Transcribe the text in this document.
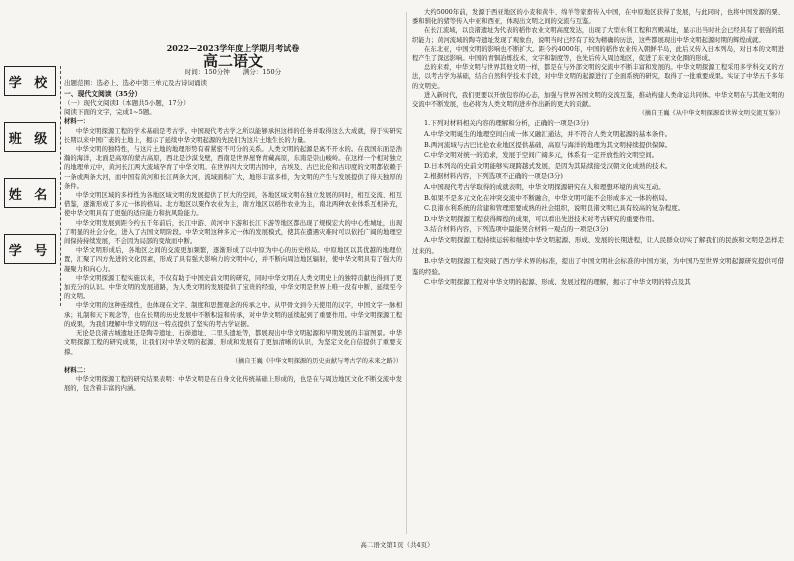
学 校
班 级
姓 名
学 号
2022—2023学年度上学期月考试卷
高二语文
时间：150分钟　　满分：150分
出题范围：选必上、选必中第三单元及古诗词诵读
一、现代文阅读（35分）
（一）现代文阅读Ⅰ（本题共5小题，17分）
阅读下面的文字，完成1~5题。
材料一：

中华文明探源工程的学术基础是考古学。中国现代考古学之所以能够承担这样的任务并取得这么大成就，得于实研究长期以来中国广袤的土地上，揭示了延续中华文明起源的先民们为这片土地生长的力量。

中华文明的独特性，与这片土地的地理形势有着紧密不可分的关系。人类文明的起源是离不开水的。在我国东面是浩瀚的海洋，北面是高寒的蒙古高原，西北是沙漠戈壁，西南是世界屋脊青藏高原，东南是崇山峻岭。在这样一个相对独立的地理单元中，黄河长江两大流域孕育了中华文明。在世界四大文明古国中，古埃及、古巴比伦和古印度的文明都依赖于一条或两条大河，而中国有黄河和长江两条大河，流域面积广大，地形丰富多样，为文明的产生与发展提供了得天独厚的条件。

中华文明区域的多样性为各地区域文明的发展提供了巨大的空间，各地区域文明在独立发展的同时，相互交流、相互借鉴，逐渐形成了多元一体的格局。北方地区以粟作农业为主，南方地区以稻作农业为主，南北两种农业体系互相补充，使中华文明具有了更强的适应能力和抗风险能力。

中华文明发展到距今约五千年前后，长江中游、黄河中下游和长江下游等地区都出现了规模宏大的中心性城址，出现了明显的社会分化，进入了古国文明阶段。中华文明这种多元一体的发展模式，使其在遭遇灾难时可以依托广阔的地理空间保持持续发展，不会因为局部的变故而中断。

中华文明形成后，各地区之间的交流更加频繁，逐渐形成了以中原为中心的历史格局。中原地区以其优越的地理位置，汇聚了四方先进的文化因素，形成了具有强大影响力的文明中心，并不断向周边地区辐射，使中华文明具有了强大的凝聚力和向心力。

中华文明探源工程实施以来，不仅有助于中国史前文明的研究，同时中华文明在人类文明史上的独特贡献也得到了更加充分的认识。中华文明的发展道路，为人类文明的发展提供了宝贵的经验，中华文明是世界上唯一没有中断、延续至今的文明。

中华文明的这种连续性，也体现在文字、制度和思想观念的传承之中。从甲骨文到今天使用的汉字，中国文字一脉相承；礼制和天下观念等，也在长期的历史发展中不断积淀和传承，对中华文明的延续起到了重要作用。中华文明探源工程的成果，为我们理解中华文明的这一特点提供了坚实的考古学证据。

无论是良渚古城遗址还是陶寺遗址、石峁遗址、二里头遗址等，都展现出中华文明起源和早期发展的丰富图景。中华文明探源工程的研究成果，让我们对中华文明的起源、形成和发展有了更加清晰的认识，为坚定文化自信提供了重要支撑。

（摘自王巍《中华文明探源的历史贡献与考古学的未来之路》）
材料二：

中华文明探源工程的研究结果表明：中华文明是在自身文化传统基础上形成的，也是在与周边地区文化不断交流中发展的，包含着丰富的内涵。

大约5000年前，发源于西亚地区的小麦和黄牛、绵羊等家畜传入中国，在中原地区获得了发展，与此同时，也将中国发源的粟、黍和驯化的猪等传入中亚和西亚，体现出文明之间的交流与互鉴。

在长江流域，以良渚遗址为代表的稻作农业文明高度发达，出现了大型水利工程和宫殿基址，显示出当时社会已经具有了很强的组织能力；黄河流域的陶寺遗址发现了观象台，说明当时已经有了较为精确的历法，这些都展现出中华文明起源时期的辉煌成就。

在东北亚，中国文明的影响也不断扩大。距今约4000年，中国的稻作农业传入朝鲜半岛，此后又传入日本列岛，对日本的文明进程产生了深远影响。中国的青铜冶炼技术、文字和制度等，也先后传入周边地区，促进了东亚文化圈的形成。

总的来看，中华文明与世界其他文明一样，都是在与外部文明的交流中不断丰富和发展的。中华文明探源工程采用多学科交叉的方法，以考古学为基础，结合自然科学技术手段，对中华文明的起源进行了全面系统的研究，取得了一批重要成果。实证了中华五千多年的文明史。

进入新时代，我们更要以开放包容的心态，加强与世界各国文明的交流互鉴，推动构建人类命运共同体。中华文明在与其他文明的交流中不断发展，也必将为人类文明的进步作出新的更大的贡献。

（摘自王巍《从中华文明探源看世界文明交流互鉴》）

1.下列对材料相关内容的理解和分析，正确的一项是(3分)

A.中华文明诞生的地理空间自成一体又融汇通达，并不符合人类文明起源的基本条件。

B.两河流域与古巴比伦农业地区提供基础，高原与海洋的地理为其文明持续提供保障。

C.中华文明对统一的追求，发展于空间广阔多元，体系有一定开放性的文明空间。

D.日本列岛的史前文明能够实现跨越式发展，是因为其陆续接受汉朝文化成熟的技术。

2.根据材料内容，下列选项不正确的一项是(3分)

A.中国现代考古学取得的成就表明，中华文明探源研究在人和理想环境的真实互动。

B.如果不是多元文化在冲突交流中不断融合，中华文明可能不会形成多元一体的格局。

C.良渚水利系统的营建和管理需要成熟的社会组织，说明良渚文明已具有较高的复杂程度。

D.中华文明探源工程获得辉煌的成果，可以看出先进技术对考古研究的重要作用。

3.结合材料内容，下列选项中最能契合材料一观点的一项是(3分)

A.中华文明探源工程持续运转和继续中华文明起源、形成、发展的长期进程，让人民群众切实了解我们的民族和文明是怎样走过来的。

B.中华文明探源工程突破了西方学术界的标准，提出了中国文明社会标准的中国方案，为中国乃至世界文明起源研究提供可借鉴的经验。

C.中华文明探源工程对中华文明的起源、形成、发展过程的理解，揭示了中华文明的特点及其

高二语文第1页（共4页）
